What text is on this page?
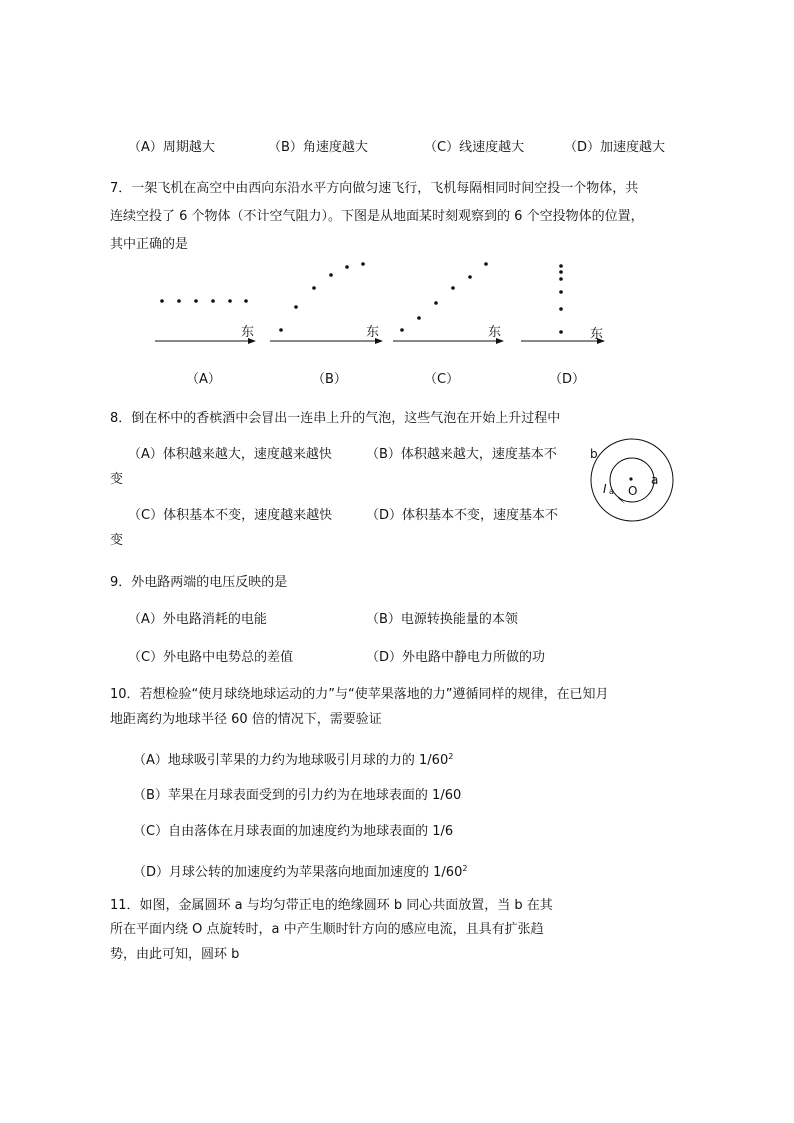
（A）周期越大	（B）角速度越大	（C）线速度越大	（D）加速度越大
7．一架飞机在高空中由西向东沿水平方向做匀速飞行，飞机每隔相同时间空投一个物体，共
连续空投了 6 个物体（不计空气阻力）。下图是从地面某时刻观察到的 6 个空投物体的位置，
其中正确的是
东	东	东	东
（A）	（B）	（C）	（D）
8．倒在杯中的香槟酒中会冒出一连串上升的气泡，这些气泡在开始上升过程中
（A）体积越来越大，速度越来越快	（B）体积越来越大，速度基本不
变
（C）体积基本不变，速度越来越快	（D）体积基本不变，速度基本不
变
b
a
I a O
9．外电路两端的电压反映的是
（A）外电路消耗的电能	（B）电源转换能量的本领
（C）外电路中电势总的差值	（D）外电路中静电力所做的功
10．若想检验“使月球绕地球运动的力”与“使苹果落地的力”遵循同样的规律，在已知月
地距离约为地球半径 60 倍的情况下，需要验证
（A）地球吸引苹果的力约为地球吸引月球的力的 $1/60^2$
（B）苹果在月球表面受到的引力约为在地球表面的 1/60
（C）自由落体在月球表面的加速度约为地球表面的 1/6
（D）月球公转的加速度约为苹果落向地面加速度的 $1/60^2$
11．如图，金属圆环 a 与均匀带正电的绝缘圆环 b 同心共面放置，当 b 在其
所在平面内绕 O 点旋转时，a 中产生顺时针方向的感应电流，且具有扩张趋
势，由此可知，圆环 b
